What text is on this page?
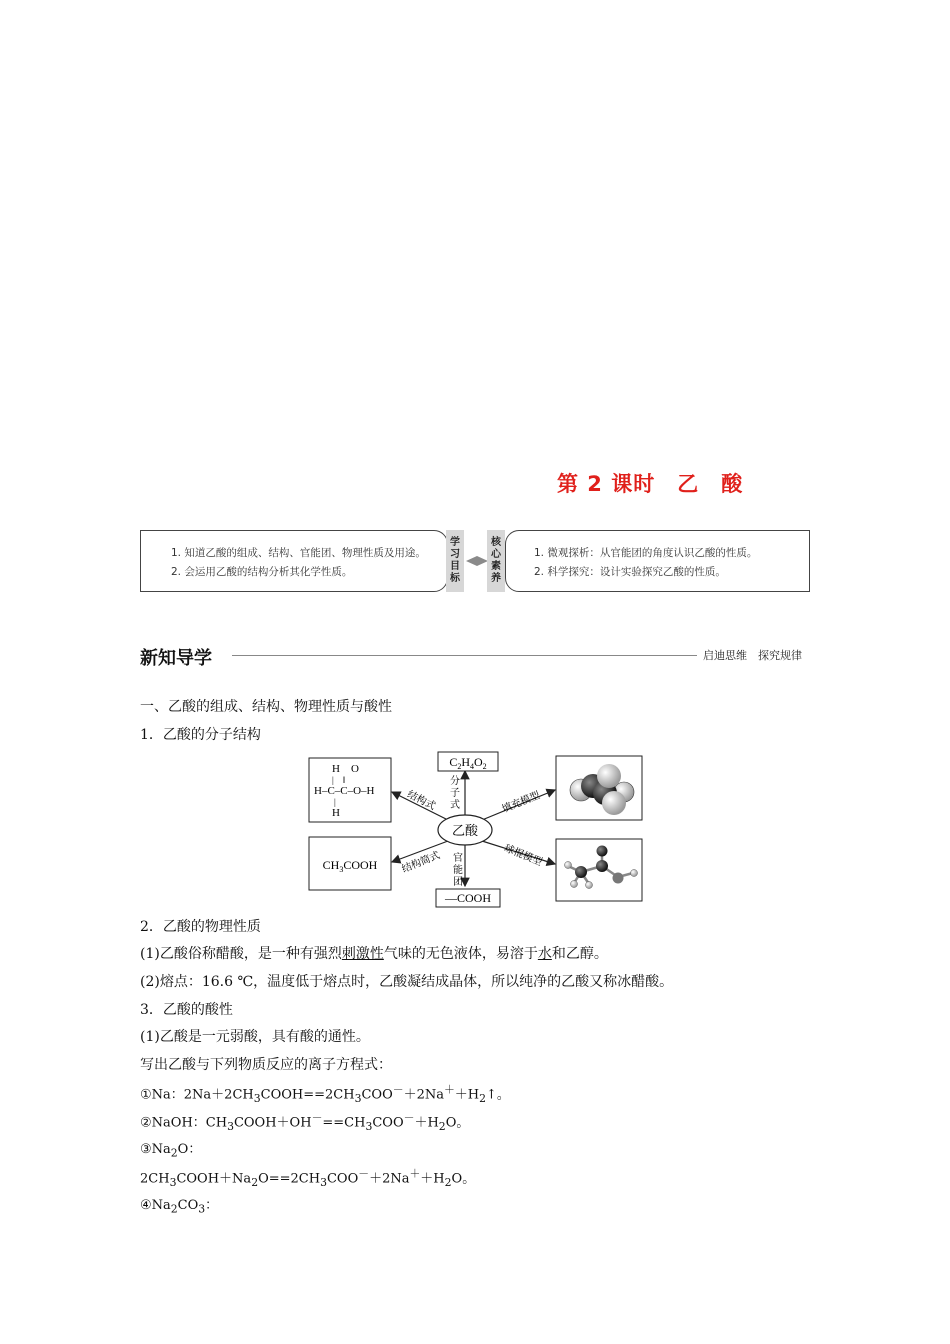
第 2 课时　乙　酸
1. 知道乙酸的组成、结构、官能团、物理性质及用途。
2. 会运用乙酸的结构分析其化学性质。
学
习
目
标
核
心
素
养
1. 微观探析：从官能团的角度认识乙酸的性质。
2. 科学探究：设计实验探究乙酸的性质。
新知导学	启迪思维　探究规律
一、乙酸的组成、结构、物理性质与酸性
1．乙酸的分子结构
乙酸
$C_2H_4O_2$
H　O
|　‖
H–C–C–O–H
|
H
$CH_3COOH$
—COOH
分
子
式
官
能
团
结构式
结构简式
填充模型
球棍模型
2．乙酸的物理性质
(1)乙酸俗称醋酸，是一种有强烈刺激性气味的无色液体，易溶于水和乙醇。
(2)熔点：16.6 ℃，温度低于熔点时，乙酸凝结成晶体，所以纯净的乙酸又称冰醋酸。
3．乙酸的酸性
(1)乙酸是一元弱酸，具有酸的通性。
写出乙酸与下列物质反应的离子方程式：
①Na：$2Na+2CH_3COOH==2CH_3COO^-+2Na^++H_2↑$。
②NaOH：$CH_3COOH+OH^-==CH_3COO^-+H_2O$。
$③Na_2O$：
$2CH_3COOH+Na_2O==2CH_3COO^-+2Na^++H_2O$。
$④Na_2CO_3$：
